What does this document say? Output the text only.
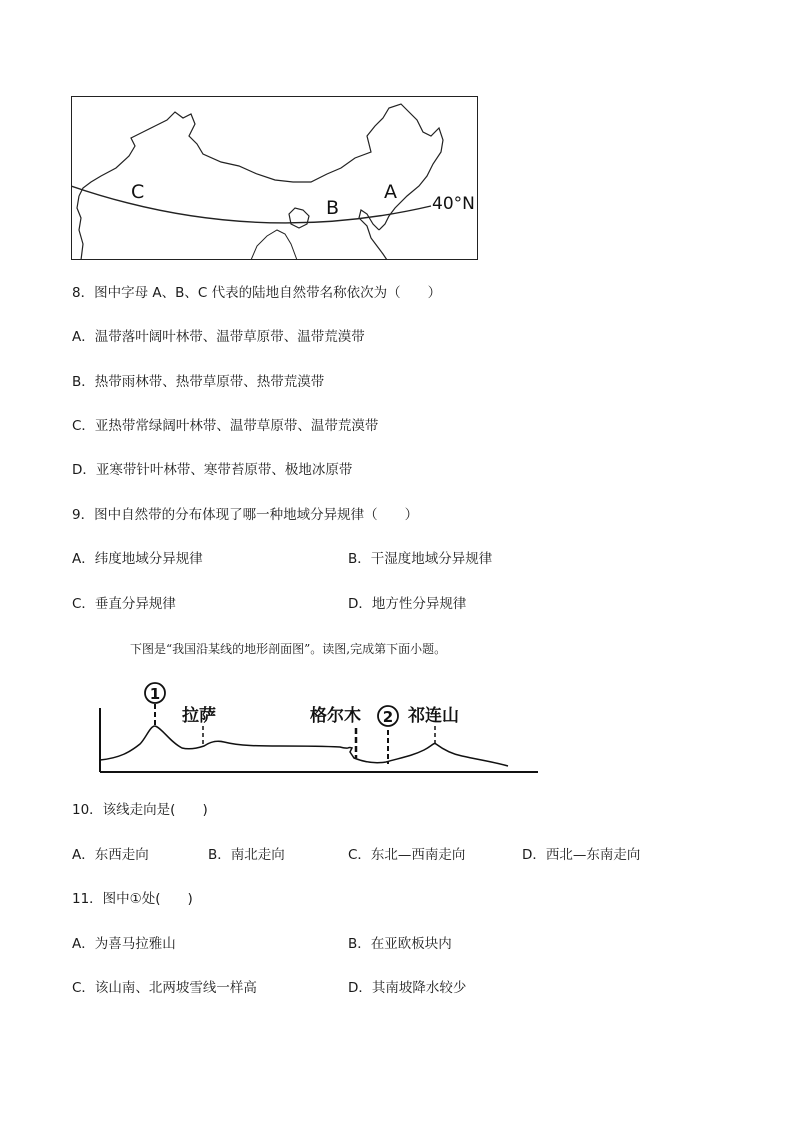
C
B
A
40°N
8．图中字母 A、B、C 代表的陆地自然带名称依次为（　　）
A．温带落叶阔叶林带、温带草原带、温带荒漠带
B．热带雨林带、热带草原带、热带荒漠带
C．亚热带常绿阔叶林带、温带草原带、温带荒漠带
D．亚寒带针叶林带、寒带苔原带、极地冰原带
9．图中自然带的分布体现了哪一种地域分异规律（　　）
A．纬度地域分异规律	B．干湿度地域分异规律
C．垂直分异规律	D．地方性分异规律
下图是“我国沿某线的地形剖面图”。读图,完成第下面小题。
1
拉萨	格尔木 2 祁连山
10．该线走向是(　　)
A．东西走向	B．南北走向	C．东北—西南走向	D．西北—东南走向
11．图中①处(　　)
A．为喜马拉雅山	B．在亚欧板块内
C．该山南、北两坡雪线一样高	D．其南坡降水较少
